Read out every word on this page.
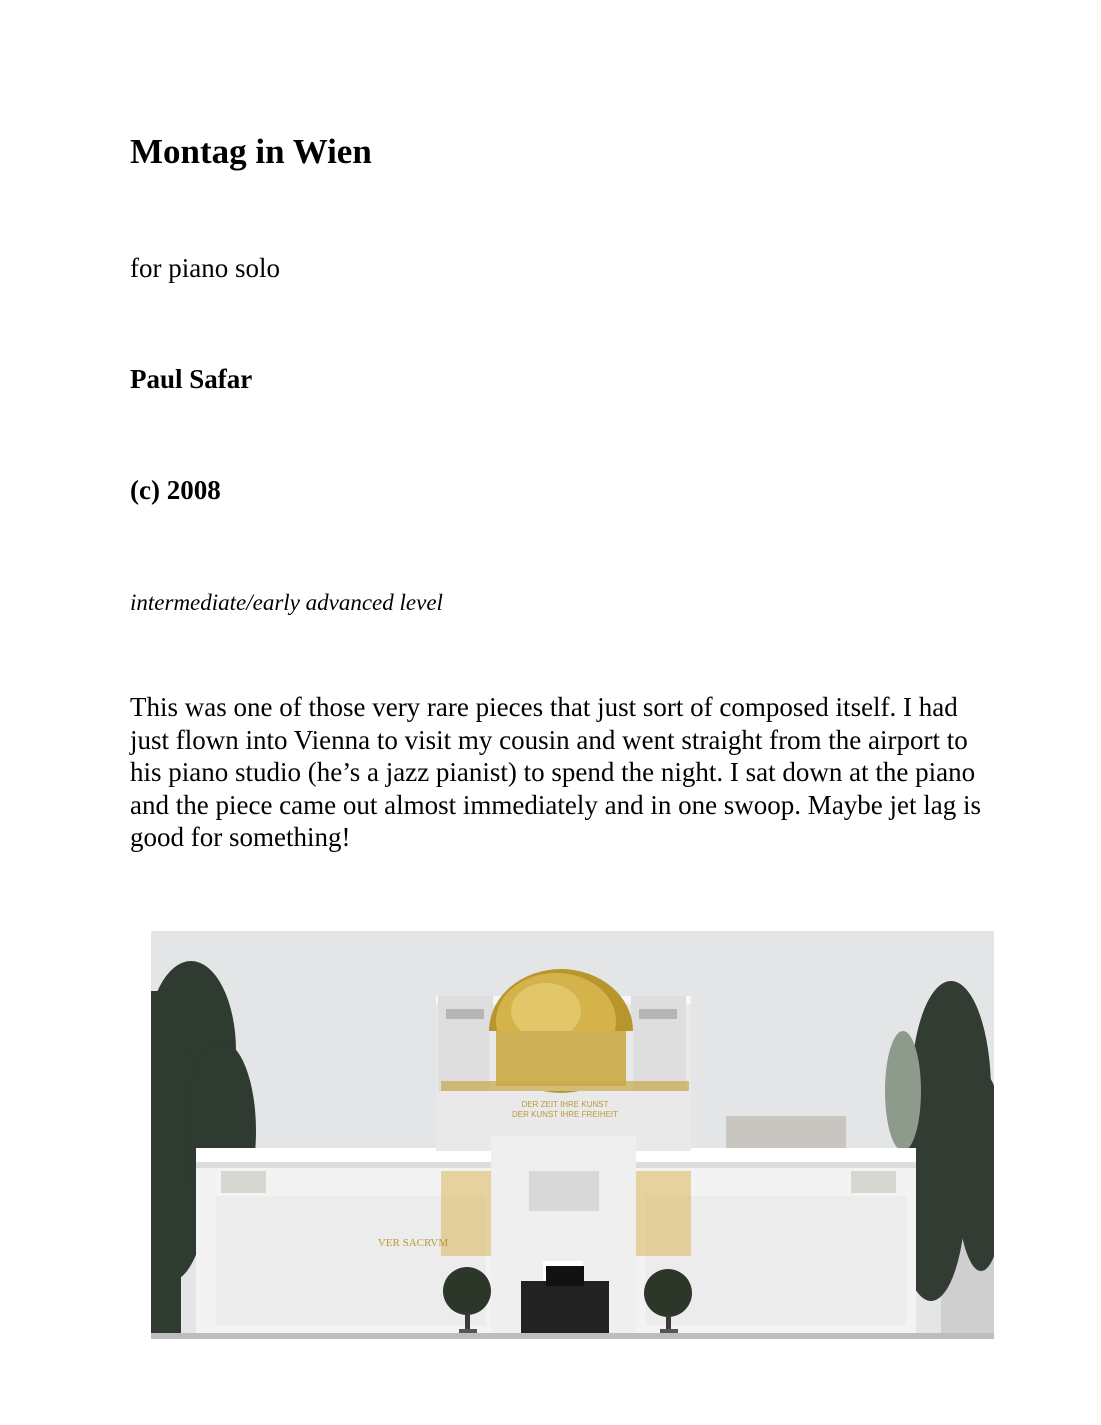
Montag in Wien

for piano solo

Paul Safar

(c) 2008

intermediate/early advanced level

This was one of those very rare pieces that just sort of composed itself. I had just flown into Vienna to visit my cousin and went straight from the airport to his piano studio (he’s a jazz pianist) to spend the night. I sat down at the piano and the piece came out almost immediately and in one swoop. Maybe jet lag is good for something!

DER ZEIT IHRE KUNST
DER KUNST IHRE FREIHEIT
VER SACRVM
